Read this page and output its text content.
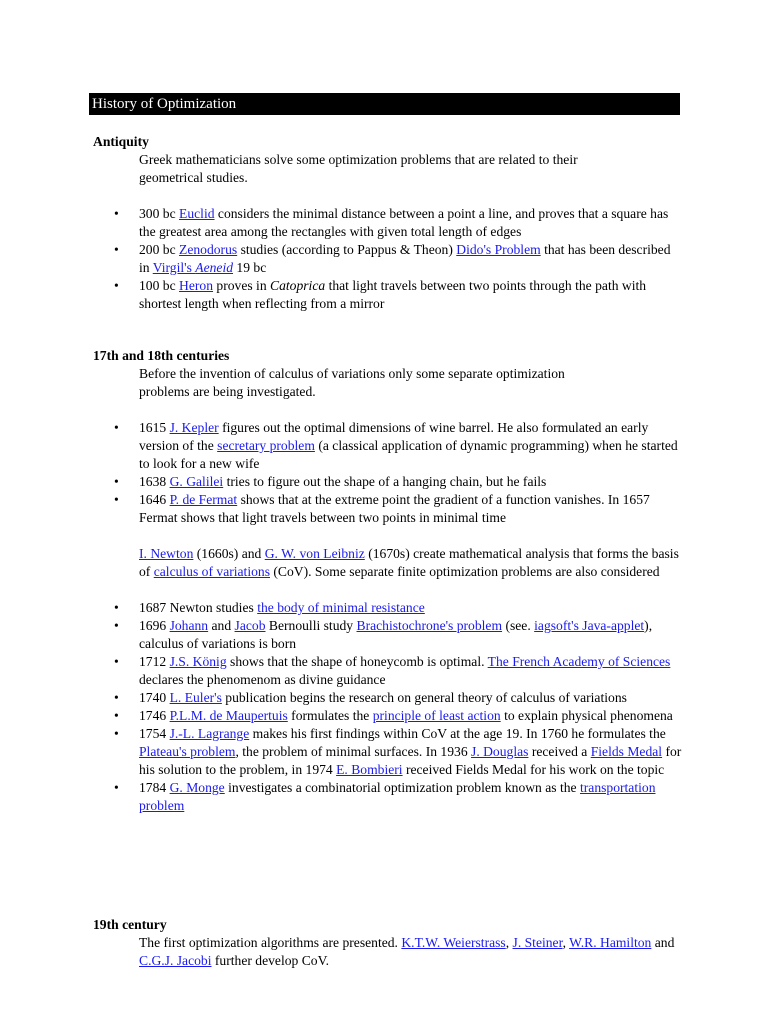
History of Optimization

Antiquity

Greek mathematicians solve some optimization problems that are related to their
geometrical studies.

• 300 bc Euclid considers the minimal distance between a point a line, and proves that a square has the greatest area among the rectangles with given total length of edges
• 200 bc Zenodorus studies (according to Pappus & Theon) Dido's Problem that has been described in Virgil's Aeneid 19 bc
• 100 bc Heron proves in Catoprica that light travels between two points through the path with shortest length when reflecting from a mirror

17th and 18th centuries

Before the invention of calculus of variations only some separate optimization
problems are being investigated.

• 1615 J. Kepler figures out the optimal dimensions of wine barrel. He also formulated an early version of the secretary problem (a classical application of dynamic programming) when he started to look for a new wife
• 1638 G. Galilei tries to figure out the shape of a hanging chain, but he fails
• 1646 P. de Fermat shows that at the extreme point the gradient of a function vanishes. In 1657 Fermat shows that light travels between two points in minimal time

I. Newton (1660s) and G. W. von Leibniz (1670s) create mathematical analysis that forms the basis of calculus of variations (CoV). Some separate finite optimization problems are also considered

• 1687 Newton studies the body of minimal resistance
• 1696 Johann and Jacob Bernoulli study Brachistochrone's problem (see. iagsoft's Java-applet), calculus of variations is born
• 1712 J.S. König shows that the shape of honeycomb is optimal. The French Academy of Sciences declares the phenomenom as divine guidance
• 1740 L. Euler's publication begins the research on general theory of calculus of variations
• 1746 P.L.M. de Maupertuis formulates the principle of least action to explain physical phenomena
• 1754 J.-L. Lagrange makes his first findings within CoV at the age 19. In 1760 he formulates the Plateau's problem, the problem of minimal surfaces. In 1936 J. Douglas received a Fields Medal for his solution to the problem, in 1974 E. Bombieri received Fields Medal for his work on the topic
• 1784 G. Monge investigates a combinatorial optimization problem known as the transportation problem

19th century

The first optimization algorithms are presented. K.T.W. Weierstrass, J. Steiner, W.R. Hamilton and C.G.J. Jacobi further develop CoV.
